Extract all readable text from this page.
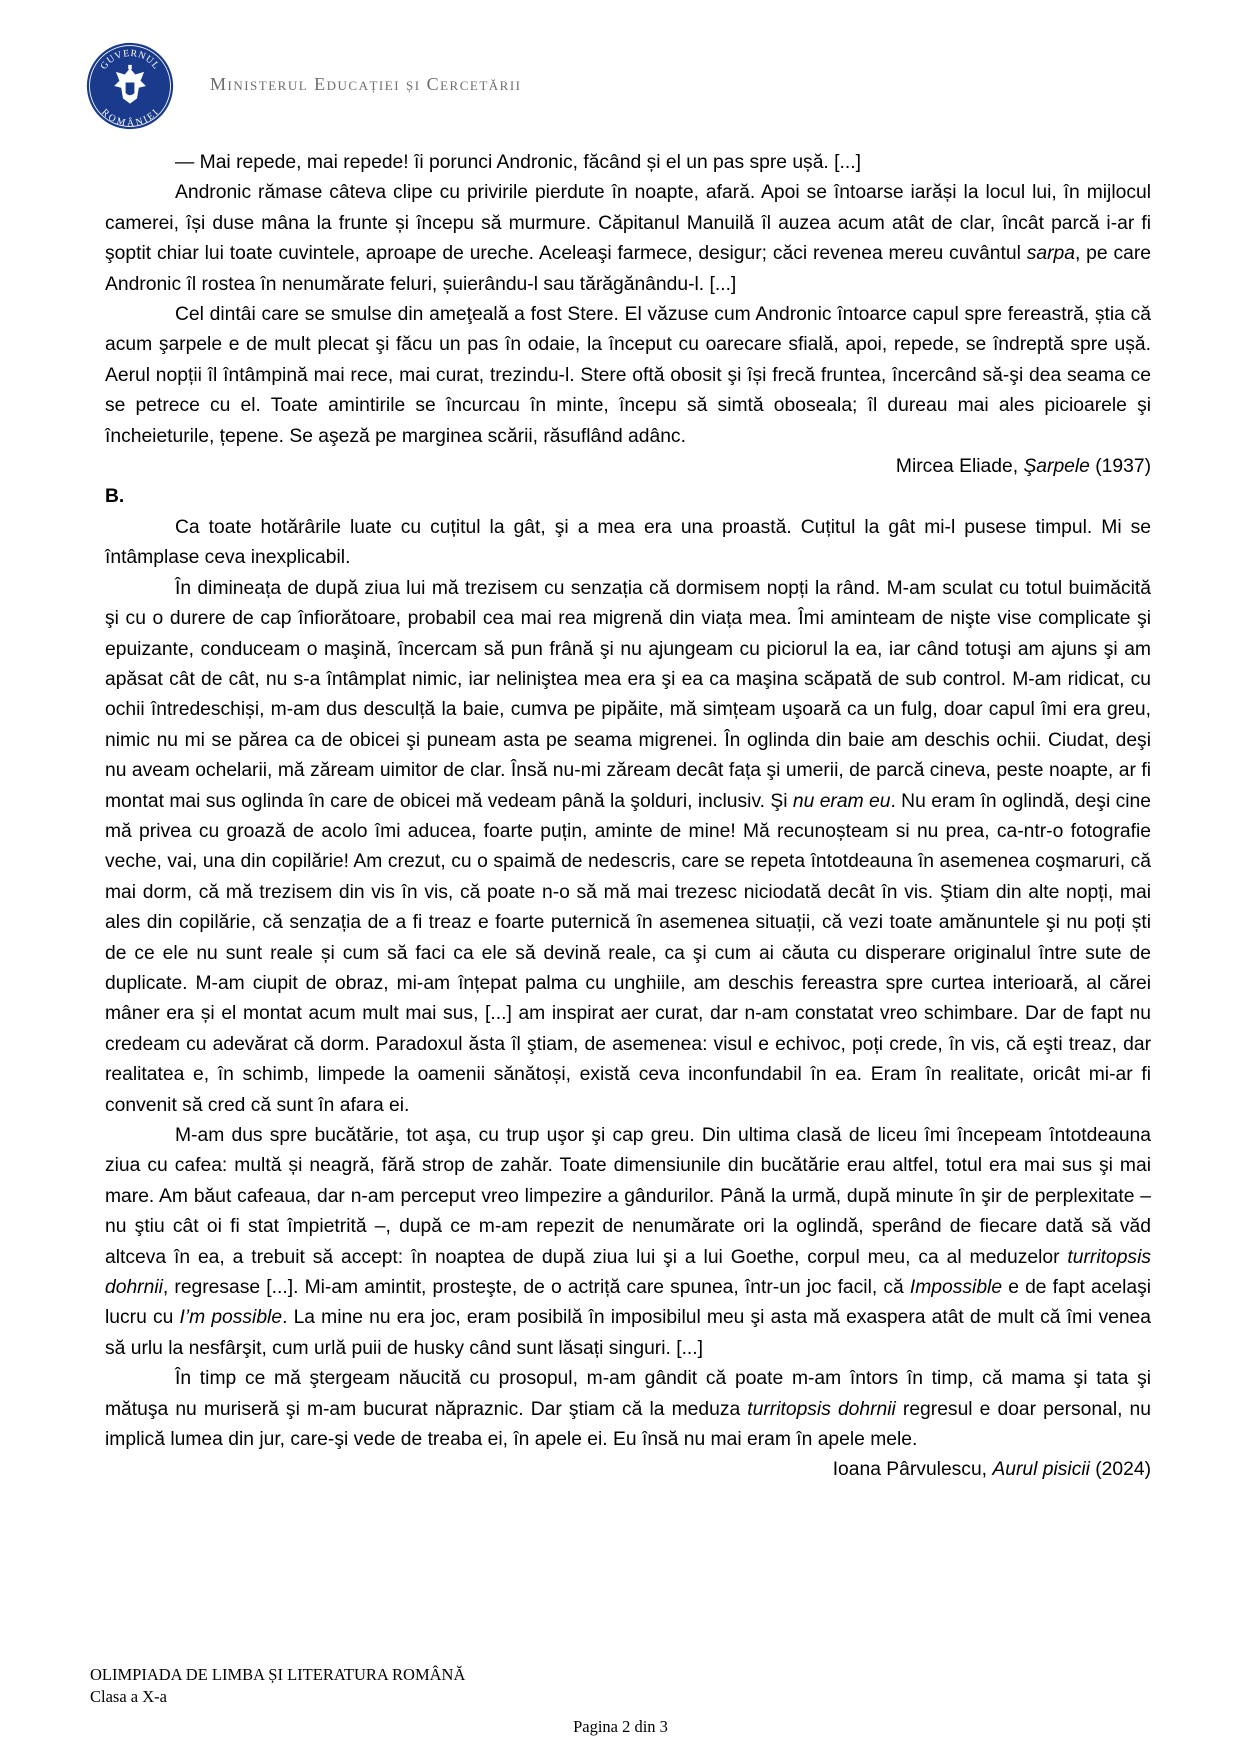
GUVERNUL
ROMÂNIEI
Ministerul Educației și Cercetării

— Mai repede, mai repede! îi porunci Andronic, făcând și el un pas spre ușă. [...]

Andronic rămase câteva clipe cu privirile pierdute în noapte, afară. Apoi se întoarse iarăși la locul lui, în mijlocul camerei, își duse mâna la frunte și începu să murmure. Căpitanul Manuilă îl auzea acum atât de clar, încât parcă i-ar fi şoptit chiar lui toate cuvintele, aproape de ureche. Aceleaşi farmece, desigur; căci revenea mereu cuvântul sarpa, pe care Andronic îl rostea în nenumărate feluri, șuierându-l sau tărăgănându-l. [...]

Cel dintâi care se smulse din ameţeală a fost Stere. El văzuse cum Andronic întoarce capul spre fereastră, știa că acum şarpele e de mult plecat şi făcu un pas în odaie, la început cu oarecare sfială, apoi, repede, se îndreptă spre ușă. Aerul nopții îl întâmpină mai rece, mai curat, trezindu-l. Stere oftă obosit şi își frecă fruntea, încercând să-şi dea seama ce se petrece cu el. Toate amintirile se încurcau în minte, începu să simtă oboseala; îl dureau mai ales picioarele şi încheieturile, țepene. Se aşeză pe marginea scării, răsuflând adânc.

Mircea Eliade, Şarpele (1937)

B.

Ca toate hotărârile luate cu cuțitul la gât, şi a mea era una proastă. Cuțitul la gât mi-l pusese timpul. Mi se întâmplase ceva inexplicabil.

În dimineața de după ziua lui mă trezisem cu senzația că dormisem nopți la rând. M-am sculat cu totul buimăcită şi cu o durere de cap înfiorătoare, probabil cea mai rea migrenă din viața mea. Îmi aminteam de nişte vise complicate şi epuizante, conduceam o maşină, încercam să pun frână şi nu ajungeam cu piciorul la ea, iar când totuşi am ajuns şi am apăsat cât de cât, nu s-a întâmplat nimic, iar neliniştea mea era şi ea ca maşina scăpată de sub control. M-am ridicat, cu ochii întredeschiși, m-am dus desculță la baie, cumva pe pipăite, mă simțeam uşoară ca un fulg, doar capul îmi era greu, nimic nu mi se părea ca de obicei şi puneam asta pe seama migrenei. În oglinda din baie am deschis ochii. Ciudat, deşi nu aveam ochelarii, mă zăream uimitor de clar. Însă nu-mi zăream decât fața şi umerii, de parcă cineva, peste noapte, ar fi montat mai sus oglinda în care de obicei mă vedeam până la şolduri, inclusiv. Şi nu eram eu. Nu eram în oglindă, deşi cine mă privea cu groază de acolo îmi aducea, foarte puțin, aminte de mine! Mă recunoșteam si nu prea, ca-ntr-o fotografie veche, vai, una din copilărie! Am crezut, cu o spaimă de nedescris, care se repeta întotdeauna în asemenea coşmaruri, că mai dorm, că mă trezisem din vis în vis, că poate n-o să mă mai trezesc niciodată decât în vis. Ştiam din alte nopți, mai ales din copilărie, că senzația de a fi treaz e foarte puternică în asemenea situații, că vezi toate amănuntele şi nu poți ști de ce ele nu sunt reale și cum să faci ca ele să devină reale, ca şi cum ai căuta cu disperare originalul între sute de duplicate. M-am ciupit de obraz, mi-am înțepat palma cu unghiile, am deschis fereastra spre curtea interioară, al cărei mâner era și el montat acum mult mai sus, [...] am inspirat aer curat, dar n-am constatat vreo schimbare. Dar de fapt nu credeam cu adevărat că dorm. Paradoxul ăsta îl ştiam, de asemenea: visul e echivoc, poți crede, în vis, că eşti treaz, dar realitatea e, în schimb, limpede la oamenii sănătoși, există ceva inconfundabil în ea. Eram în realitate, oricât mi-ar fi convenit să cred că sunt în afara ei.

M-am dus spre bucătărie, tot aşa, cu trup uşor şi cap greu. Din ultima clasă de liceu îmi începeam întotdeauna ziua cu cafea: multă și neagră, fără strop de zahăr. Toate dimensiunile din bucătărie erau altfel, totul era mai sus şi mai mare. Am băut cafeaua, dar n-am perceput vreo limpezire a gândurilor. Până la urmă, după minute în şir de perplexitate – nu ştiu cât oi fi stat împietrită –, după ce m-am repezit de nenumărate ori la oglindă, sperând de fiecare dată să văd altceva în ea, a trebuit să accept: în noaptea de după ziua lui şi a lui Goethe, corpul meu, ca al meduzelor turritopsis dohrnii, regresase [...]. Mi-am amintit, prosteşte, de o actriță care spunea, într-un joc facil, că Impossible e de fapt acelaşi lucru cu I’m possible. La mine nu era joc, eram posibilă în imposibilul meu şi asta mă exaspera atât de mult că îmi venea să urlu la nesfârşit, cum urlă puii de husky când sunt lăsați singuri. [...]

În timp ce mă ştergeam năucită cu prosopul, m-am gândit că poate m-am întors în timp, că mama şi tata şi mătuşa nu muriseră şi m-am bucurat năpraznic. Dar ştiam că la meduza turritopsis dohrnii regresul e doar personal, nu implică lumea din jur, care-şi vede de treaba ei, în apele ei. Eu însă nu mai eram în apele mele.

Ioana Pârvulescu, Aurul pisicii (2024)

OLIMPIADA DE LIMBA ȘI LITERATURA ROMÂNĂ
Clasa a X-a
Pagina 2 din 3
